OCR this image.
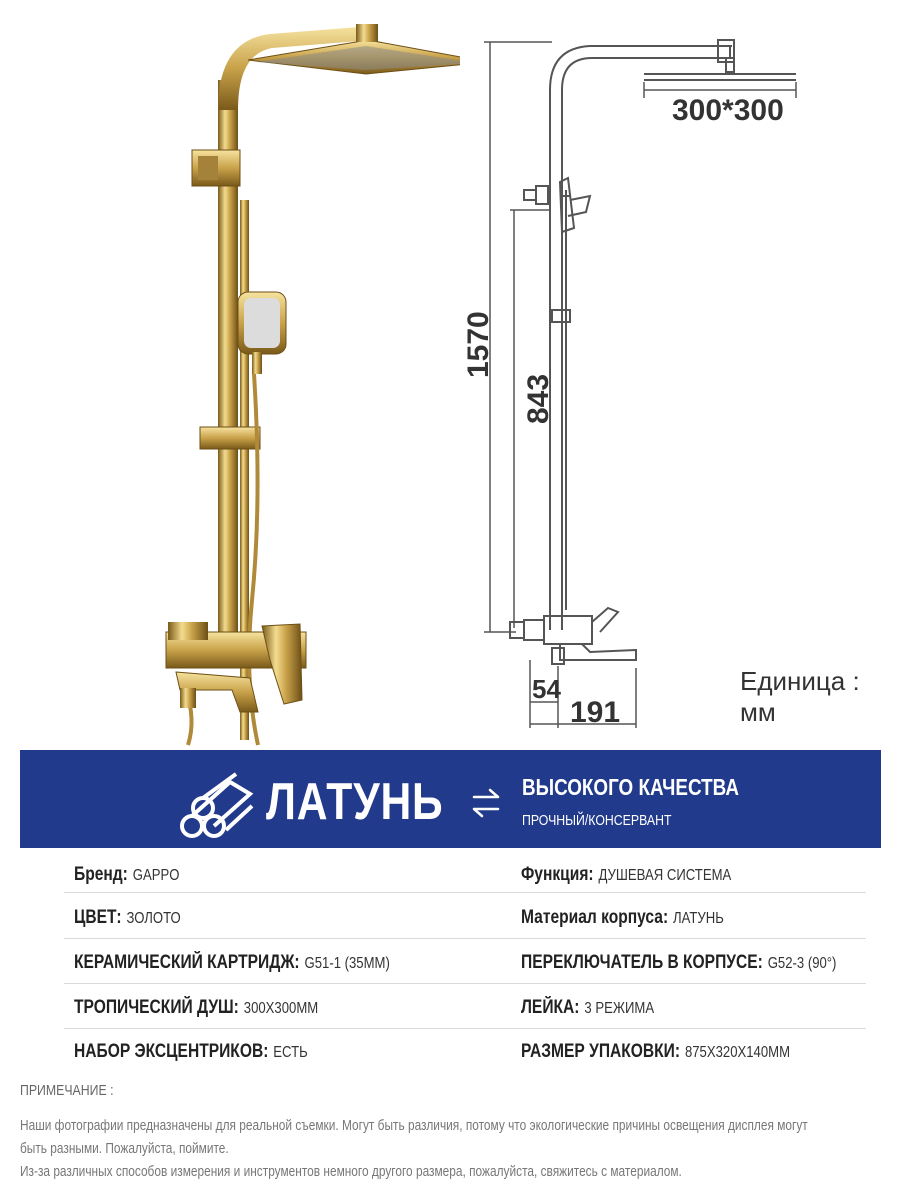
300*300
1570
843
54
191
Единица : мм
ЛАТУНЬ	ВЫСОКОГО КАЧЕСТВА
ПРОЧНЫЙ/КОНСЕРВАНТ
Бренд: GAPPO	Функция: ДУШЕВАЯ СИСТЕМА
ЦВЕТ: ЗОЛОТО	Материал корпуса: ЛАТУНЬ
КЕРАМИЧЕСКИЙ КАРТРИДЖ: G51-1 (35MM)	ПЕРЕКЛЮЧАТЕЛЬ В КОРПУСЕ: G52-3 (90°)
ТРОПИЧЕСКИЙ ДУШ: 300X300MM	ЛЕЙКА: 3 РЕЖИМА
НАБОР ЭКСЦЕНТРИКОВ: ЕСТЬ	РАЗМЕР УПАКОВКИ: 875X320X140MM
ПРИМЕЧАНИЕ :
Наши фотографии предназначены для реальной съемки. Могут быть различия, потому что экологические причины освещения дисплея могут
быть разными. Пожалуйста, поймите.
Из-за различных способов измерения и инструментов немного другого размера, пожалуйста, свяжитесь с материалом.
